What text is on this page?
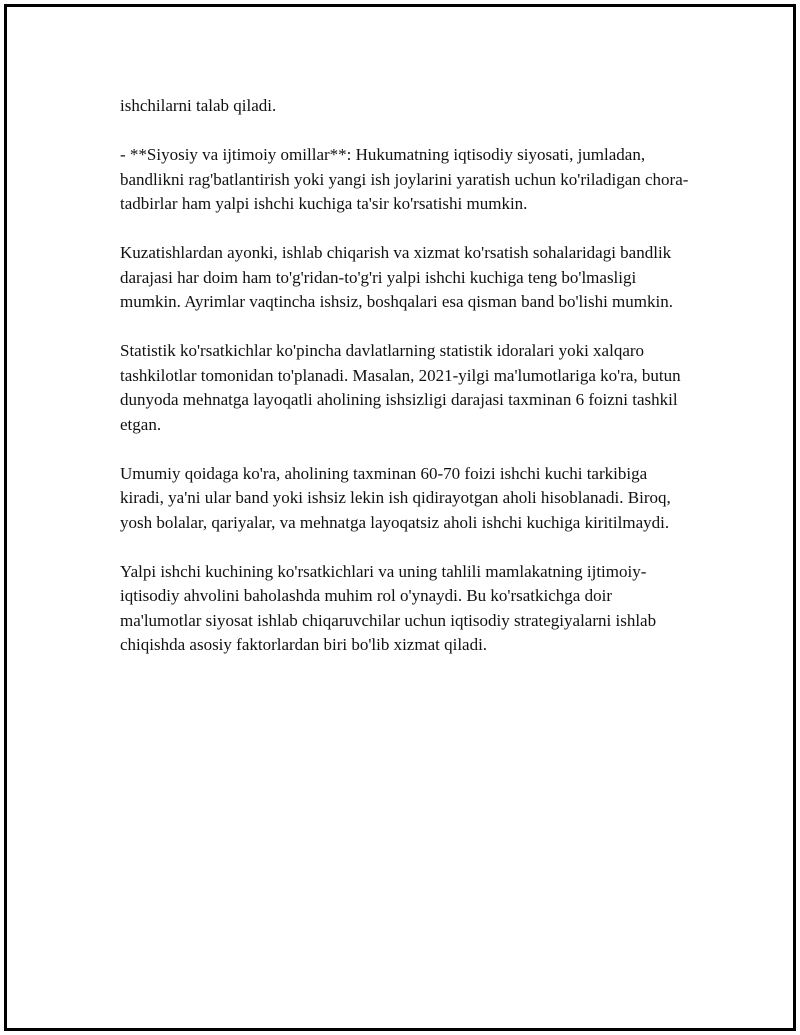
ishchilarni talab qiladi.

- **Siyosiy va ijtimoiy omillar**: Hukumatning iqtisodiy siyosati, jumladan, bandlikni rag'batlantirish yoki yangi ish joylarini yaratish uchun ko'riladigan chora-tadbirlar ham yalpi ishchi kuchiga ta'sir ko'rsatishi mumkin.

Kuzatishlardan ayonki, ishlab chiqarish va xizmat ko'rsatish sohalaridagi bandlik darajasi har doim ham to'g'ridan-to'g'ri yalpi ishchi kuchiga teng bo'lmasligi mumkin. Ayrimlar vaqtincha ishsiz, boshqalari esa qisman band bo'lishi mumkin.

Statistik ko'rsatkichlar ko'pincha davlatlarning statistik idoralari yoki xalqaro tashkilotlar tomonidan to'planadi. Masalan, 2021-yilgi ma'lumotlariga ko'ra, butun dunyoda mehnatga layoqatli aholining ishsizligi darajasi taxminan 6 foizni tashkil etgan.

Umumiy qoidaga ko'ra, aholining taxminan 60-70 foizi ishchi kuchi tarkibiga kiradi, ya'ni ular band yoki ishsiz lekin ish qidirayotgan aholi hisoblanadi. Biroq, yosh bolalar, qariyalar, va mehnatga layoqatsiz aholi ishchi kuchiga kiritilmaydi.

Yalpi ishchi kuchining ko'rsatkichlari va uning tahlili mamlakatning ijtimoiy-iqtisodiy ahvolini baholashda muhim rol o'ynaydi. Bu ko'rsatkichga doir ma'lumotlar siyosat ishlab chiqaruvchilar uchun iqtisodiy strategiyalarni ishlab chiqishda asosiy faktorlardan biri bo'lib xizmat qiladi.
